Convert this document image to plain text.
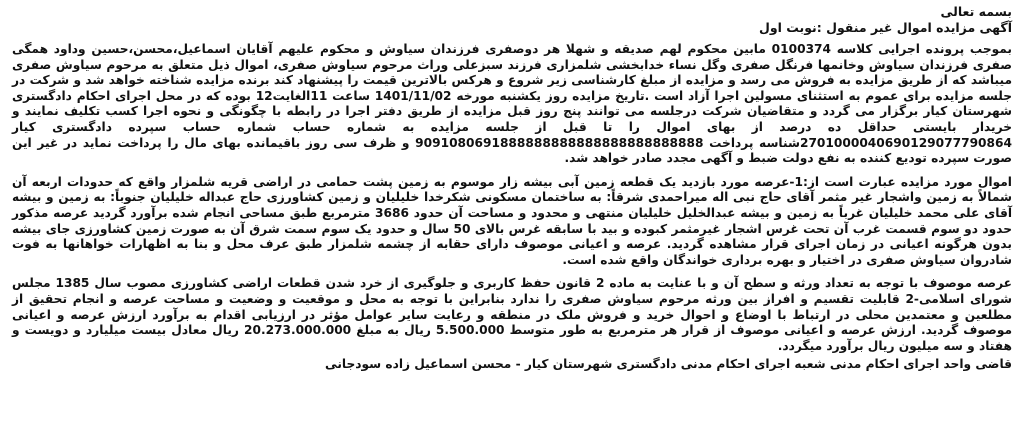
بسمه تعالی

آگهی مزایده اموال غیر منقول :نوبت اول

بموجب پرونده اجرایی کلاسه 0100374 مابین محکوم لهم صدیقه و شهلا هر دوصفری فرزندان سیاوش و محکوم علیهم آقایان اسماعیل،محسن،حسین وداود همگی صفری فرزندان سیاوش وخانمها فرنگل صفری وگل نساء خدابخشی شلمزاری فرزند سبزعلی وراث مرحوم سیاوش صفری، اموال ذیل متعلق به مرحوم سیاوش صفری میباشد که از طریق مزایده به فروش می رسد و مزایده از مبلغ کارشناسی زیر شروع و هرکس بالاترین قیمت را پیشنهاد کند برنده مزایده شناخته خواهد شد و شرکت در جلسه مزایده برای عموم به استثنای مسولین اجرا آزاد است .تاریخ مزایده روز یکشنبه مورخه 1401/11/02 ساعت 11الغایت12 بوده که در محل اجرای احکام دادگستری شهرستان کیار برگزار می گردد و متقاضیان شرکت درجلسه می توانند پنج روز قبل مزایده از طریق دفتر اجرا در رابطه با چگونگی و نحوه اجرا کسب تکلیف نمایند و خریدار بایستی حداقل ده درصد از بهای اموال را تا قبل از جلسه مزایده به شماره حساب شماره حساب سپرده دادگستری کیار 2701000040690129077790864شناسه پرداخت 9091080691888888888888888888888888 و ظرف سی روز باقیمانده بهای مال را پرداخت نماید در غیر این صورت سپرده تودیع کننده به نفع دولت ضبط و آگهی مجدد صادر خواهد شد.

اموال مورد مزایده عبارت است از:1-عرصه مورد بازدید یک قطعه زمین آبی بیشه زار موسوم به زمین پشت حمامی در اراضی قریه شلمزار واقع که حدودات اربعه آن شمالاً به زمین واشجار غیر مثمر آقای حاج نبی اله میراحمدی شرقاً: به ساختمان مسکونی شکرخدا خلیلیان و زمین کشاورزی حاج عبداله خلیلیان جنوباً: به زمین و بیشه آقای علی محمد خلیلیان غرباً به زمین و بیشه عبدالخلیل خلیلیان منتهی و محدود و مساحت آن حدود 3686 مترمربع طبق مساحی انجام شده برآورد گردید عرصه مذکور حدود دو سوم قسمت غرب آن تحت غرس اشجار غیرمثمر کبوده و بید با سابقه غرس بالای 50 سال و حدود یک سوم سمت شرق آن به صورت زمین کشاورزی جای بیشه بدون هرگونه اعیانی در زمان اجرای قرار مشاهده گردید. عرصه و اعیانی موصوف دارای حقابه از چشمه شلمزار طبق عرف محل و بنا به اظهارات خواهانها به فوت شادروان سیاوش صفری در اختیار و بهره برداری خواندگان واقع شده است.

عرصه موصوف با توجه به تعداد ورثه و سطح آن و با عنایت به ماده 2 قانون حفظ کاربری و جلوگیری از خرد شدن قطعات اراضی کشاورزی مصوب سال 1385 مجلس شورای اسلامی-2 قابلیت تقسیم و افراز بین ورثه مرحوم سیاوش صفری را ندارد بنابراین با توجه به محل و موقعیت و وضعیت و مساحت عرصه و انجام تحقیق از مطلعین و معتمدین محلی در ارتباط با اوضاع و احوال خرید و فروش ملک در منطقه و رعایت سایر عوامل مؤثر در ارزیابی اقدام به برآورد ارزش عرصه و اعیانی موصوف گردید. ارزش عرصه و اعیانی موصوف از قرار هر مترمربع به طور متوسط 5.500.000 ریال به مبلغ 20.273.000.000 ریال معادل بیست میلیارد و دویست و هفتاد و سه میلیون ریال برآورد میگردد.

قاضی واحد اجرای احکام مدنی شعبه اجرای احکام مدنی دادگستری شهرستان کیار - محسن اسماعیل زاده سودجانی
